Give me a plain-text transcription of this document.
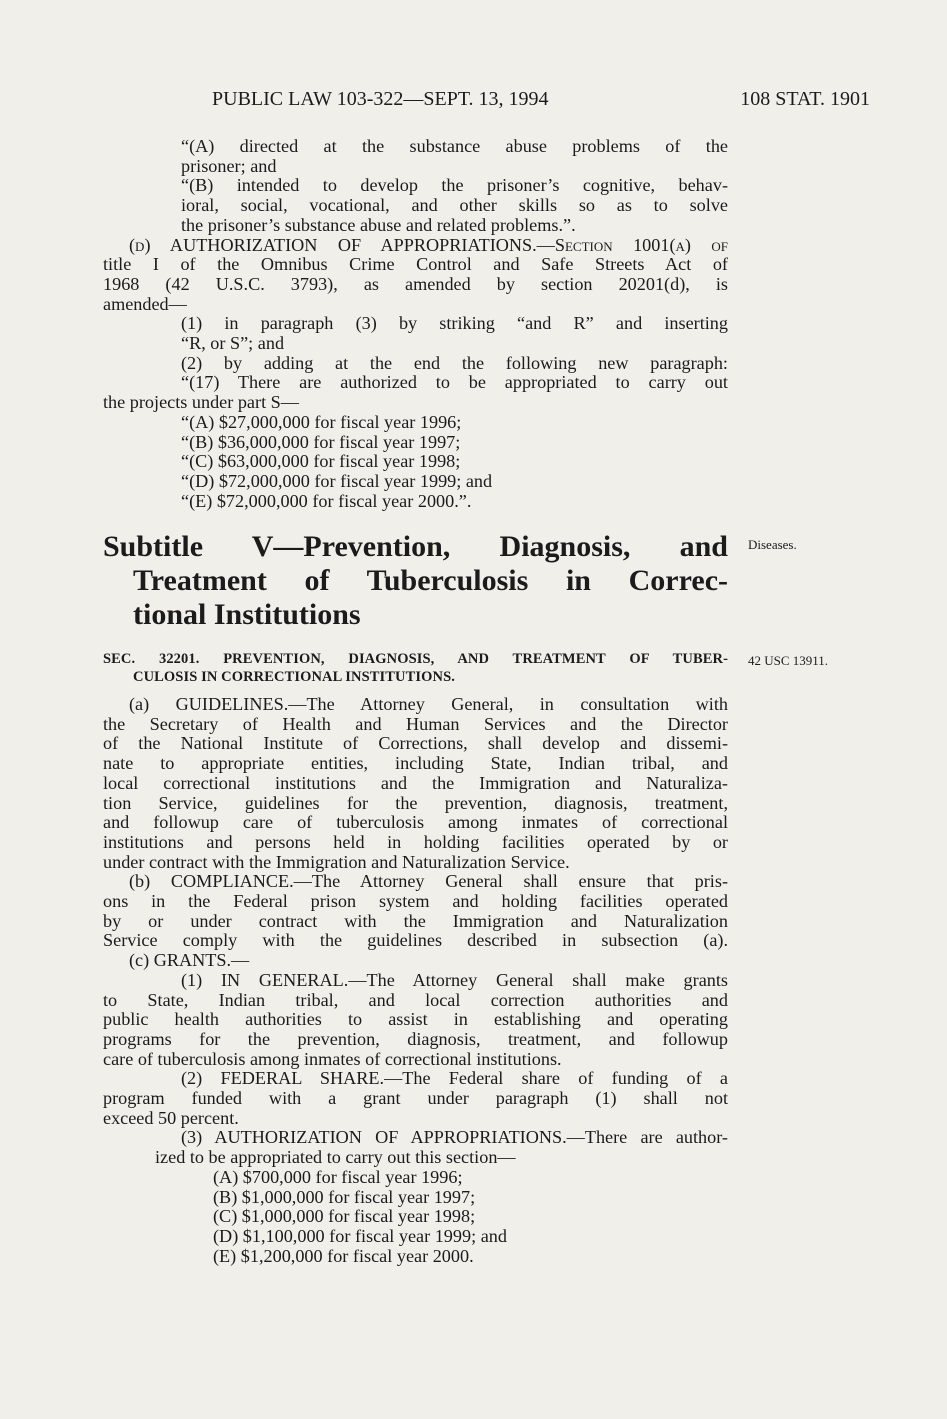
PUBLIC LAW 103-322—SEPT. 13, 1994	108 STAT. 1901
“(A) directed at the substance abuse problems of the
prisoner; and
“(B) intended to develop the prisoner’s cognitive, behav-
ioral, social, vocational, and other skills so as to solve
the prisoner’s substance abuse and related problems.”.
(d) AUTHORIZATION OF APPROPRIATIONS.—Section 1001(a) of
title I of the Omnibus Crime Control and Safe Streets Act of
1968 (42 U.S.C. 3793), as amended by section 20201(d), is
amended—
(1) in paragraph (3) by striking “and R” and inserting
“R, or S”; and
(2) by adding at the end the following new paragraph:
“(17) There are authorized to be appropriated to carry out
the projects under part S—
“(A) $27,000,000 for fiscal year 1996;
“(B) $36,000,000 for fiscal year 1997;
“(C) $63,000,000 for fiscal year 1998;
“(D) $72,000,000 for fiscal year 1999; and
“(E) $72,000,000 for fiscal year 2000.”.
Subtitle V—Prevention, Diagnosis, and
Treatment of Tuberculosis in Correc-
tional Institutions
Diseases.
42 USC 13911.
SEC. 32201. PREVENTION, DIAGNOSIS, AND TREATMENT OF TUBER-
CULOSIS IN CORRECTIONAL INSTITUTIONS.
(a) GUIDELINES.—The Attorney General, in consultation with
the Secretary of Health and Human Services and the Director
of the National Institute of Corrections, shall develop and dissemi-
nate to appropriate entities, including State, Indian tribal, and
local correctional institutions and the Immigration and Naturaliza-
tion Service, guidelines for the prevention, diagnosis, treatment,
and followup care of tuberculosis among inmates of correctional
institutions and persons held in holding facilities operated by or
under contract with the Immigration and Naturalization Service.
(b) COMPLIANCE.—The Attorney General shall ensure that pris-
ons in the Federal prison system and holding facilities operated
by or under contract with the Immigration and Naturalization
Service comply with the guidelines described in subsection (a).
(c) GRANTS.—
(1) IN GENERAL.—The Attorney General shall make grants
to State, Indian tribal, and local correction authorities and
public health authorities to assist in establishing and operating
programs for the prevention, diagnosis, treatment, and followup
care of tuberculosis among inmates of correctional institutions.
(2) FEDERAL SHARE.—The Federal share of funding of a
program funded with a grant under paragraph (1) shall not
exceed 50 percent.
(3) AUTHORIZATION OF APPROPRIATIONS.—There are author-
ized to be appropriated to carry out this section—
(A) $700,000 for fiscal year 1996;
(B) $1,000,000 for fiscal year 1997;
(C) $1,000,000 for fiscal year 1998;
(D) $1,100,000 for fiscal year 1999; and
(E) $1,200,000 for fiscal year 2000.
